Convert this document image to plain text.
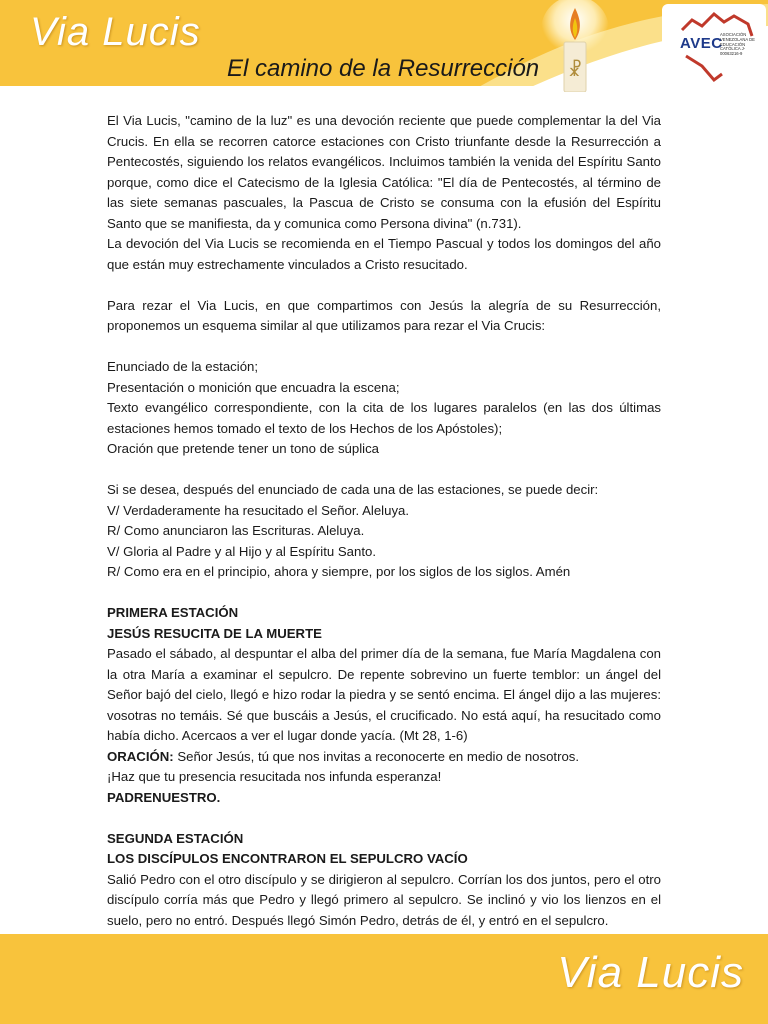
Via Lucis
El camino de la Resurrección ☧
AVEC
ASOCIACIÓN VENEZOLANA DE EDUCACIÓN CATÓLICA J-00063216-9

El Via Lucis, "camino de la luz" es una devoción reciente que puede complementar la del Via Crucis. En ella se recorren catorce estaciones con Cristo triunfante desde la Resurrección a Pentecostés, siguiendo los relatos evangélicos. Incluimos también la venida del Espíritu Santo porque, como dice el Catecismo de la Iglesia Católica: "El día de Pentecostés, al término de las siete semanas pascuales, la Pascua de Cristo se consuma con la efusión del Espíritu Santo que se manifiesta, da y comunica como Persona divina" (n.731).

La devoción del Via Lucis se recomienda en el Tiempo Pascual y todos los domingos del año que están muy estrechamente vinculados a Cristo resucitado.

Para rezar el Via Lucis, en que compartimos con Jesús la alegría de su Resurrección, proponemos un esquema similar al que utilizamos para rezar el Via Crucis:

Enunciado de la estación;

Presentación o monición que encuadra la escena;

Texto evangélico correspondiente, con la cita de los lugares paralelos (en las dos últimas estaciones hemos tomado el texto de los Hechos de los Apóstoles);

Oración que pretende tener un tono de súplica

Si se desea, después del enunciado de cada una de las estaciones, se puede decir:

V/ Verdaderamente ha resucitado el Señor. Aleluya.

R/ Como anunciaron las Escrituras. Aleluya.

V/ Gloria al Padre y al Hijo y al Espíritu Santo.

R/ Como era en el principio, ahora y siempre, por los siglos de los siglos. Amén

PRIMERA ESTACIÓN

JESÚS RESUCITA DE LA MUERTE

Pasado el sábado, al despuntar el alba del primer día de la semana, fue María Magdalena con la otra María a examinar el sepulcro. De repente sobrevino un fuerte temblor: un ángel del Señor bajó del cielo, llegó e hizo rodar la piedra y se sentó encima. El ángel dijo a las mujeres: vosotras no temáis. Sé que buscáis a Jesús, el crucificado. No está aquí, ha resucitado como había dicho. Acercaos a ver el lugar donde yacía. (Mt 28, 1-6)

ORACIÓN: Señor Jesús, tú que nos invitas a reconocerte en medio de nosotros.

¡Haz que tu presencia resucitada nos infunda esperanza!

PADRENUESTRO.

SEGUNDA ESTACIÓN

LOS DISCÍPULOS ENCONTRARON EL SEPULCRO VACÍO

Salió Pedro con el otro discípulo y se dirigieron al sepulcro. Corrían los dos juntos, pero el otro discípulo corría más que Pedro y llegó primero al sepulcro. Se inclinó y vio los lienzos en el suelo, pero no entró. Después llegó Simón Pedro, detrás de él, y entró en el sepulcro.

Via Lucis
